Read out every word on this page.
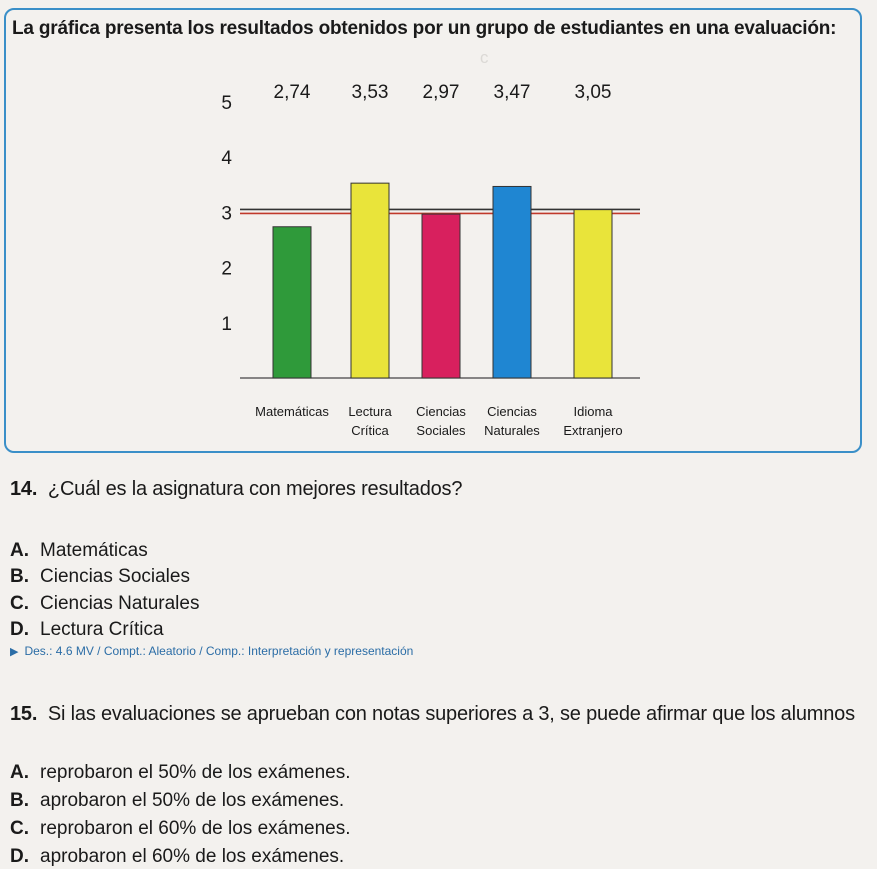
ɔ
La gráfica presenta los resultados obtenidos por un grupo de estudiantes en una evaluación:
1
2
3
4
5
2,74
Matemáticas
3,53
Lectura
Crítica
2,97
Ciencias
Sociales
3,47
Ciencias
Naturales
3,05
Idioma
Extranjero
14. ¿Cuál es la asignatura con mejores resultados?
A. Matemáticas
B. Ciencias Sociales
C. Ciencias Naturales
D. Lectura Crítica
▶ Des.: 4.6 MV / Compt.: Aleatorio / Comp.: Interpretación y representación
15. Si las evaluaciones se aprueban con notas superiores a 3, se puede afirmar que los alumnos
A. reprobaron el 50% de los exámenes.
B. aprobaron el 50% de los exámenes.
C. reprobaron el 60% de los exámenes.
D. aprobaron el 60% de los exámenes.
